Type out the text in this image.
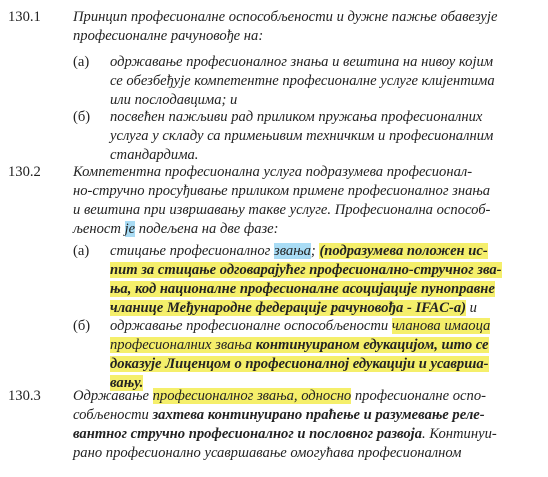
130.1 Принцип професионалне оспособљености и дужне пажње обавезује
професионалне рачуновође на:
(а) одржавање професионалног знања и вештина на нивоу којим
се обезбеђује компетентне професионалне услуге клијентима
или послодавцима; и
(б) посвећен пажљиви рад приликом пружања професионалних
услуга у складу са примењивим техничким и професионалним
стандардима.
130.2 Компетентна професионална услуга подразумева професионал-
но-стручно просуђивање приликом примене професионалног знања
и вештина при извршавању такве услуге. Професионална оспособ-
љеност је подељена на две фазе:
(а) стицање професионалног звања; (подразумева положен ис-
пит за стицање одговарајућег професионално-стручног зва-
ња, код националне професионалне асоцијације пуноправне
чланице Међународне федерације рачуновођа - IFAC-а) и
(б) одржавање професионалне оспособљености чланова имаоца
професионалних звања континуираном едукацијом, што се
доказује Лиценцом о професионалној едукацији и усавршa-
вању.
130.3 Одржавање професионалног звања, односно професионалне оспо-
собљености захтева континуирано праћење и разумевање реле-
вантног стручно професионалног и пословног развоја. Континуи-
рано професионално усавршавање омогућава професионалном
